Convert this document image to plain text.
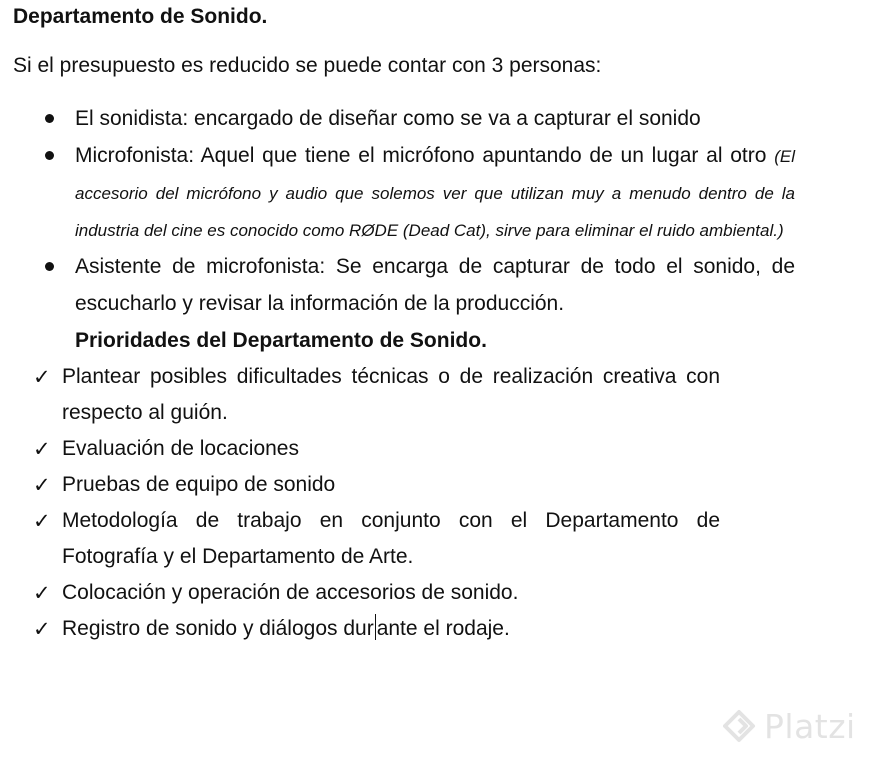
Departamento de Sonido.
Si el presupuesto es reducido se puede contar con 3 personas:
El sonidista: encargado de diseñar como se va a capturar el sonido
Microfonista: Aquel que tiene el micrófono apuntando de un lugar al otro (El accesorio del micrófono y audio que solemos ver que utilizan muy a menudo dentro de la industria del cine es conocido como RØDE (Dead Cat), sirve para eliminar el ruido ambiental.)
Asistente de microfonista: Se encarga de capturar de todo el sonido, de escucharlo y revisar la información de la producción.
Prioridades del Departamento de Sonido.
✓ Plantear posibles dificultades técnicas o de realización creativa con respecto al guión.
✓ Evaluación de locaciones
✓ Pruebas de equipo de sonido
✓ Metodología de trabajo en conjunto con el Departamento de Fotografía y el Departamento de Arte.
✓ Colocación y operación de accesorios de sonido.
✓ Registro de sonido y diálogos dur ante el rodaje.
Platzi
